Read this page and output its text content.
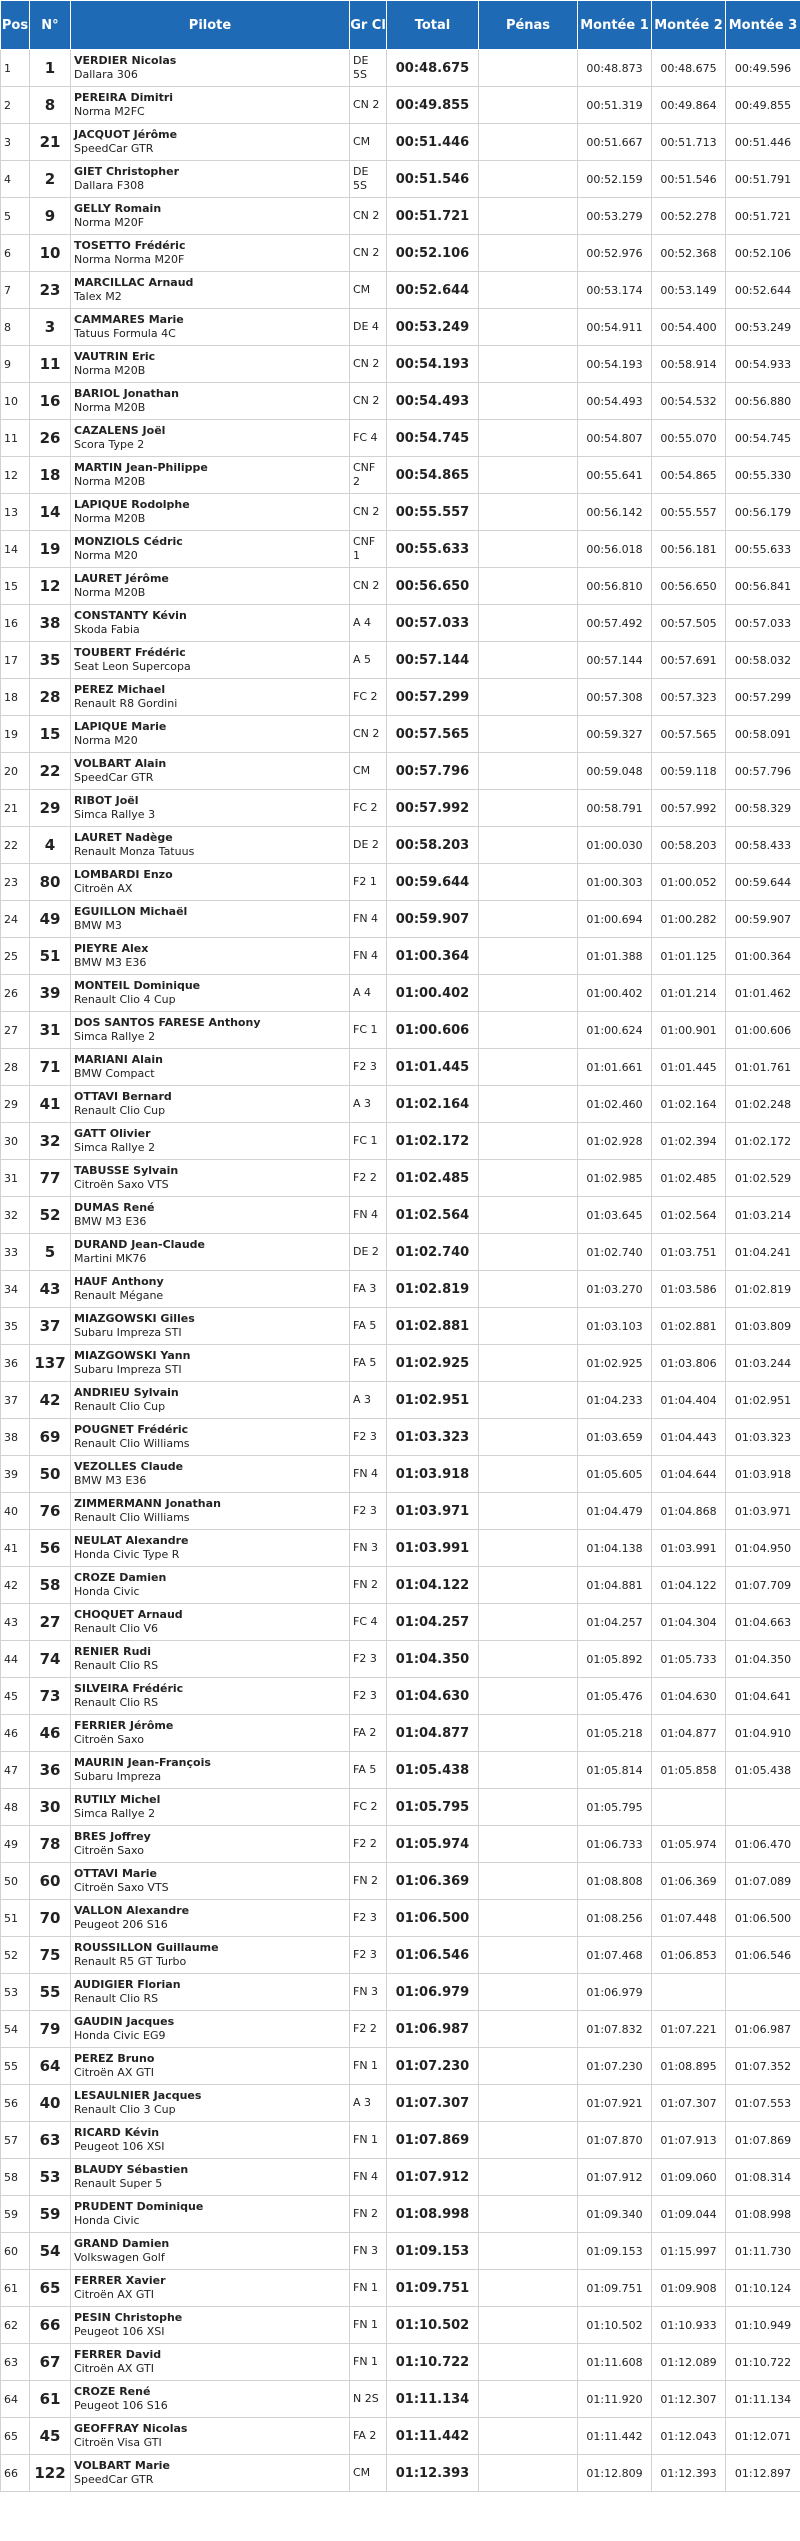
Pos	N°	Pilote	Gr Cl	Total	Pénas	Montée 1	Montée 2	Montée 3
1	1	VERDIER Nicolas
Dallara 306	DE 5S	00:48.675		00:48.873	00:48.675	00:49.596
2	8	PEREIRA Dimitri
Norma M2FC	CN 2	00:49.855		00:51.319	00:49.864	00:49.855
3	21	JACQUOT Jérôme
SpeedCar GTR	CM	00:51.446		00:51.667	00:51.713	00:51.446
4	2	GIET Christopher
Dallara F308	DE 5S	00:51.546		00:52.159	00:51.546	00:51.791
5	9	GELLY Romain
Norma M20F	CN 2	00:51.721		00:53.279	00:52.278	00:51.721
6	10	TOSETTO Frédéric
Norma Norma M20F	CN 2	00:52.106		00:52.976	00:52.368	00:52.106
7	23	MARCILLAC Arnaud
Talex M2	CM	00:52.644		00:53.174	00:53.149	00:52.644
8	3	CAMMARES Marie
Tatuus Formula 4C	DE 4	00:53.249		00:54.911	00:54.400	00:53.249
9	11	VAUTRIN Eric
Norma M20B	CN 2	00:54.193		00:54.193	00:58.914	00:54.933
10	16	BARIOL Jonathan
Norma M20B	CN 2	00:54.493		00:54.493	00:54.532	00:56.880
11	26	CAZALENS Joël
Scora Type 2	FC 4	00:54.745		00:54.807	00:55.070	00:54.745
12	18	MARTIN Jean-Philippe
Norma M20B	CNF 2	00:54.865		00:55.641	00:54.865	00:55.330
13	14	LAPIQUE Rodolphe
Norma M20B	CN 2	00:55.557		00:56.142	00:55.557	00:56.179
14	19	MONZIOLS Cédric
Norma M20	CNF 1	00:55.633		00:56.018	00:56.181	00:55.633
15	12	LAURET Jérôme
Norma M20B	CN 2	00:56.650		00:56.810	00:56.650	00:56.841
16	38	CONSTANTY Kévin
Skoda Fabia	A 4	00:57.033		00:57.492	00:57.505	00:57.033
17	35	TOUBERT Frédéric
Seat Leon Supercopa	A 5	00:57.144		00:57.144	00:57.691	00:58.032
18	28	PEREZ Michael
Renault R8 Gordini	FC 2	00:57.299		00:57.308	00:57.323	00:57.299
19	15	LAPIQUE Marie
Norma M20	CN 2	00:57.565		00:59.327	00:57.565	00:58.091
20	22	VOLBART Alain
SpeedCar GTR	CM	00:57.796		00:59.048	00:59.118	00:57.796
21	29	RIBOT Joël
Simca Rallye 3	FC 2	00:57.992		00:58.791	00:57.992	00:58.329
22	4	LAURET Nadège
Renault Monza Tatuus	DE 2	00:58.203		01:00.030	00:58.203	00:58.433
23	80	LOMBARDI Enzo
Citroën AX	F2 1	00:59.644		01:00.303	01:00.052	00:59.644
24	49	EGUILLON Michaël
BMW M3	FN 4	00:59.907		01:00.694	01:00.282	00:59.907
25	51	PIEYRE Alex
BMW M3 E36	FN 4	01:00.364		01:01.388	01:01.125	01:00.364
26	39	MONTEIL Dominique
Renault Clio 4 Cup	A 4	01:00.402		01:00.402	01:01.214	01:01.462
27	31	DOS SANTOS FARESE Anthony
Simca Rallye 2	FC 1	01:00.606		01:00.624	01:00.901	01:00.606
28	71	MARIANI Alain
BMW Compact	F2 3	01:01.445		01:01.661	01:01.445	01:01.761
29	41	OTTAVI Bernard
Renault Clio Cup	A 3	01:02.164		01:02.460	01:02.164	01:02.248
30	32	GATT Olivier
Simca Rallye 2	FC 1	01:02.172		01:02.928	01:02.394	01:02.172
31	77	TABUSSE Sylvain
Citroën Saxo VTS	F2 2	01:02.485		01:02.985	01:02.485	01:02.529
32	52	DUMAS René
BMW M3 E36	FN 4	01:02.564		01:03.645	01:02.564	01:03.214
33	5	DURAND Jean-Claude
Martini MK76	DE 2	01:02.740		01:02.740	01:03.751	01:04.241
34	43	HAUF Anthony
Renault Mégane	FA 3	01:02.819		01:03.270	01:03.586	01:02.819
35	37	MIAZGOWSKI Gilles
Subaru Impreza STI	FA 5	01:02.881		01:03.103	01:02.881	01:03.809
36	137	MIAZGOWSKI Yann
Subaru Impreza STI	FA 5	01:02.925		01:02.925	01:03.806	01:03.244
37	42	ANDRIEU Sylvain
Renault Clio Cup	A 3	01:02.951		01:04.233	01:04.404	01:02.951
38	69	POUGNET Frédéric
Renault Clio Williams	F2 3	01:03.323		01:03.659	01:04.443	01:03.323
39	50	VEZOLLES Claude
BMW M3 E36	FN 4	01:03.918		01:05.605	01:04.644	01:03.918
40	76	ZIMMERMANN Jonathan
Renault Clio Williams	F2 3	01:03.971		01:04.479	01:04.868	01:03.971
41	56	NEULAT Alexandre
Honda Civic Type R	FN 3	01:03.991		01:04.138	01:03.991	01:04.950
42	58	CROZE Damien
Honda Civic	FN 2	01:04.122		01:04.881	01:04.122	01:07.709
43	27	CHOQUET Arnaud
Renault Clio V6	FC 4	01:04.257		01:04.257	01:04.304	01:04.663
44	74	RENIER Rudi
Renault Clio RS	F2 3	01:04.350		01:05.892	01:05.733	01:04.350
45	73	SILVEIRA Frédéric
Renault Clio RS	F2 3	01:04.630		01:05.476	01:04.630	01:04.641
46	46	FERRIER Jérôme
Citroën Saxo	FA 2	01:04.877		01:05.218	01:04.877	01:04.910
47	36	MAURIN Jean-François
Subaru Impreza	FA 5	01:05.438		01:05.814	01:05.858	01:05.438
48	30	RUTILY Michel
Simca Rallye 2	FC 2	01:05.795		01:05.795		
49	78	BRES Joffrey
Citroën Saxo	F2 2	01:05.974		01:06.733	01:05.974	01:06.470
50	60	OTTAVI Marie
Citroën Saxo VTS	FN 2	01:06.369		01:08.808	01:06.369	01:07.089
51	70	VALLON Alexandre
Peugeot 206 S16	F2 3	01:06.500		01:08.256	01:07.448	01:06.500
52	75	ROUSSILLON Guillaume
Renault R5 GT Turbo	F2 3	01:06.546		01:07.468	01:06.853	01:06.546
53	55	AUDIGIER Florian
Renault Clio RS	FN 3	01:06.979		01:06.979		
54	79	GAUDIN Jacques
Honda Civic EG9	F2 2	01:06.987		01:07.832	01:07.221	01:06.987
55	64	PEREZ Bruno
Citroën AX GTI	FN 1	01:07.230		01:07.230	01:08.895	01:07.352
56	40	LESAULNIER Jacques
Renault Clio 3 Cup	A 3	01:07.307		01:07.921	01:07.307	01:07.553
57	63	RICARD Kévin
Peugeot 106 XSI	FN 1	01:07.869		01:07.870	01:07.913	01:07.869
58	53	BLAUDY Sébastien
Renault Super 5	FN 4	01:07.912		01:07.912	01:09.060	01:08.314
59	59	PRUDENT Dominique
Honda Civic	FN 2	01:08.998		01:09.340	01:09.044	01:08.998
60	54	GRAND Damien
Volkswagen Golf	FN 3	01:09.153		01:09.153	01:15.997	01:11.730
61	65	FERRER Xavier
Citroën AX GTI	FN 1	01:09.751		01:09.751	01:09.908	01:10.124
62	66	PESIN Christophe
Peugeot 106 XSI	FN 1	01:10.502		01:10.502	01:10.933	01:10.949
63	67	FERRER David
Citroën AX GTI	FN 1	01:10.722		01:11.608	01:12.089	01:10.722
64	61	CROZE René
Peugeot 106 S16	N 2S	01:11.134		01:11.920	01:12.307	01:11.134
65	45	GEOFFRAY Nicolas
Citroën Visa GTI	FA 2	01:11.442		01:11.442	01:12.043	01:12.071
66	122	VOLBART Marie
SpeedCar GTR	CM	01:12.393		01:12.809	01:12.393	01:12.897
